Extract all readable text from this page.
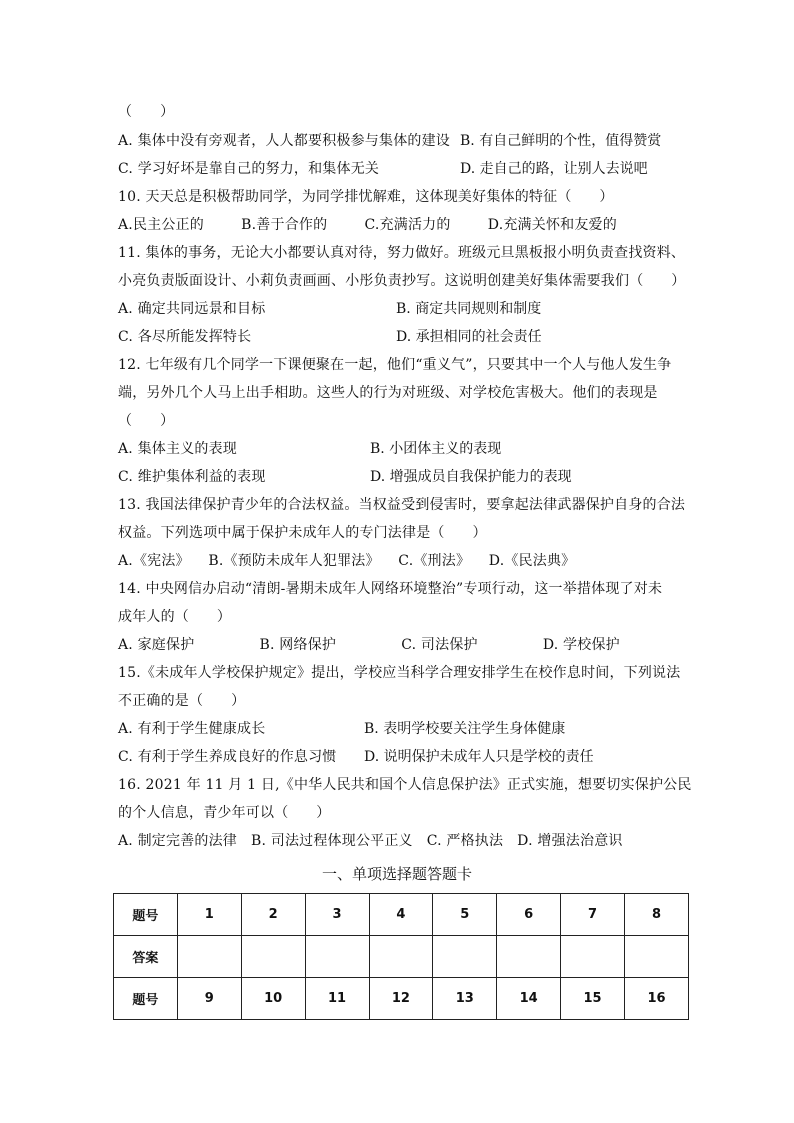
（      ）
A. 集体中没有旁观者，人人都要积极参与集体的建设 B. 有自己鲜明的个性，值得赞赏
C. 学习好坏是靠自己的努力，和集体无关	D. 走自己的路，让别人去说吧
10. 天天总是积极帮助同学，为同学排忧解难，这体现美好集体的特征（      ）
A.民主公正的        B.善于合作的        C.充满活力的        D.充满关怀和友爱的
11. 集体的事务，无论大小都要认真对待，努力做好。班级元旦黑板报小明负责查找资料、
小亮负责版面设计、小莉负责画画、小彤负责抄写。这说明创建美好集体需要我们（      ）
A. 确定共同远景和目标	B. 商定共同规则和制度
C. 各尽所能发挥特长	D. 承担相同的社会责任
12. 七年级有几个同学一下课便聚在一起，他们“重义气”，只要其中一个人与他人发生争
端，另外几个人马上出手相助。这些人的行为对班级、对学校危害极大。他们的表现是
（      ）
A. 集体主义的表现	B. 小团体主义的表现
C. 维护集体利益的表现	D. 增强成员自我保护能力的表现
13. 我国法律保护青少年的合法权益。当权益受到侵害时，要拿起法律武器保护自身的合法
权益。下列选项中属于保护未成年人的专门法律是（      ）
A.《宪法》    B.《预防未成年人犯罪法》    C.《刑法》    D.《民法典》
14. 中央网信办启动“清朗-暑期未成年人网络环境整治”专项行动，这一举措体现了对未
成年人的（      ）
A. 家庭保护              B. 网络保护              C. 司法保护              D. 学校保护
15.《未成年人学校保护规定》提出，学校应当科学合理安排学生在校作息时间，下列说法
不正确的是（      ）
A. 有利于学生健康成长	B. 表明学校要关注学生身体健康
C. 有利于学生养成良好的作息习惯 D. 说明保护未成年人只是学校的责任
16. 2021 年 11 月 1 日,《中华人民共和国个人信息保护法》正式实施，想要切实保护公民
的个人信息，青少年可以（      ）
A. 制定完善的法律   B. 司法过程体现公平正义   C. 严格执法   D. 增强法治意识
一、单项选择题答题卡
题号	1	2	3	4	5	6	7	8
答案								
题号	9	10	11	12	13	14	15	16
